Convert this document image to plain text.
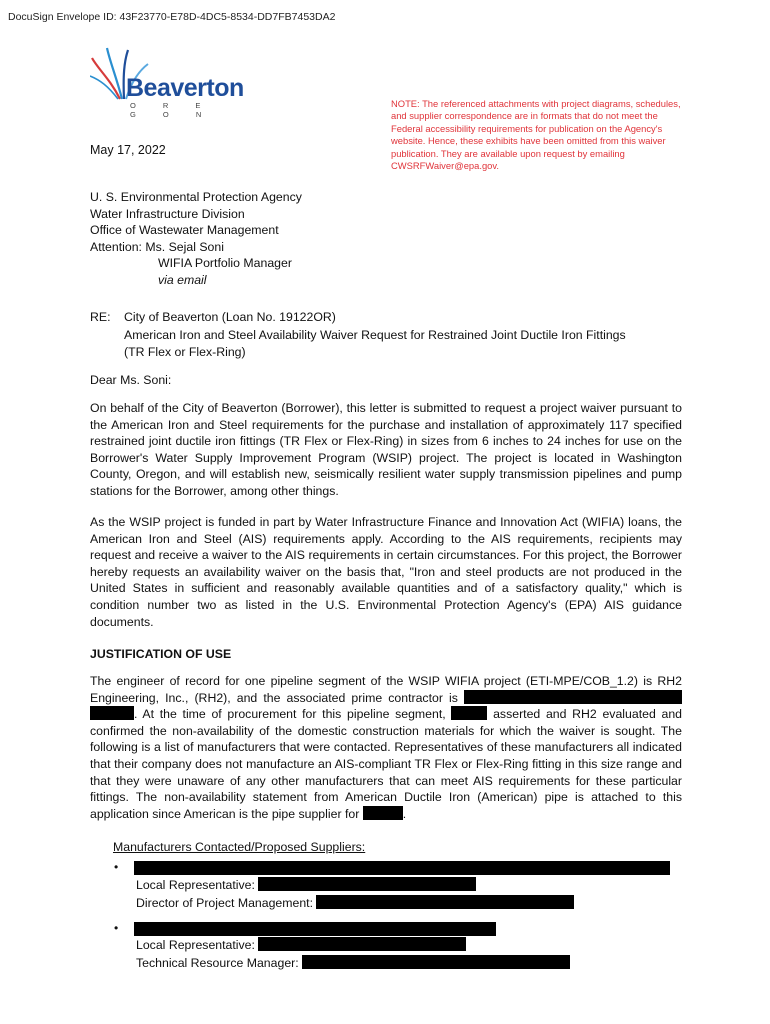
DocuSign Envelope ID: 43F23770-E78D-4DC5-8534-DD7FB7453DA2
Beaverton
O R E G O N
NOTE: The referenced attachments with project diagrams, schedules, and supplier correspondence are in formats that do not meet the Federal accessibility requirements for publication on the Agency's website. Hence, these exhibits have been omitted from this waiver publication. They are available upon request by emailing CWSRFWaiver@epa.gov.
May 17, 2022
U. S. Environmental Protection Agency
Water Infrastructure Division
Office of Wastewater Management
Attention: Ms. Sejal Soni
WIFIA Portfolio Manager
via email
RE: City of Beaverton (Loan No. 19122OR)
American Iron and Steel Availability Waiver Request for Restrained Joint Ductile Iron Fittings
(TR Flex or Flex-Ring)
Dear Ms. Soni:
On behalf of the City of Beaverton (Borrower), this letter is submitted to request a project waiver pursuant to the American Iron and Steel requirements for the purchase and installation of approximately 117 specified restrained joint ductile iron fittings (TR Flex or Flex-Ring) in sizes from 6 inches to 24 inches for use on the Borrower's Water Supply Improvement Program (WSIP) project. The project is located in Washington County, Oregon, and will establish new, seismically resilient water supply transmission pipelines and pump stations for the Borrower, among other things.
As the WSIP project is funded in part by Water Infrastructure Finance and Innovation Act (WIFIA) loans, the American Iron and Steel (AIS) requirements apply. According to the AIS requirements, recipients may request and receive a waiver to the AIS requirements in certain circumstances. For this project, the Borrower hereby requests an availability waiver on the basis that, "Iron and steel products are not produced in the United States in sufficient and reasonably available quantities and of a satisfactory quality," which is condition number two as listed in the U.S. Environmental Protection Agency's (EPA) AIS guidance documents.
JUSTIFICATION OF USE
The engineer of record for one pipeline segment of the WSIP WIFIA project (ETI-MPE/COB_1.2) is RH2 Engineering, Inc., (RH2), and the associated prime contractor is  . At the time of procurement for this pipeline segment,	asserted and RH2 evaluated and confirmed the non-availability of the domestic construction materials for which the waiver is sought. The following is a list of manufacturers that were contacted. Representatives of these manufacturers all indicated that their company does not manufacture an AIS-compliant TR Flex or Flex-Ring fitting in this size range and that they were unaware of any other manufacturers that can meet AIS requirements for these particular fittings. The non-availability statement from American Ductile Iron (American) pipe is attached to this application since American is the pipe supplier for	.
Manufacturers Contacted/Proposed Suppliers:
•
Local Representative:
Director of Project Management:
•
Local Representative:
Technical Resource Manager:
